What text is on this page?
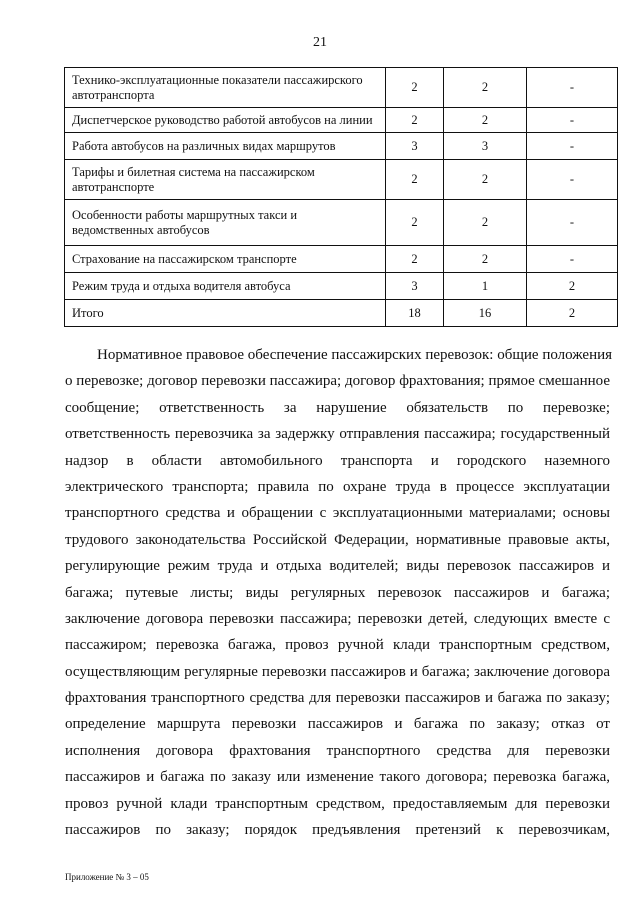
21
Технико-эксплуатационные показатели пассажирского автотранспорта	2	2	-
Диспетчерское руководство работой автобусов на линии	2	2	-
Работа автобусов на различных видах маршрутов	3	3	-
Тарифы и билетная система на пассажирском автотранспорте	2	2	-
Особенности работы маршрутных такси и ведомственных автобусов	2	2	-
Страхование на пассажирском транспорте	2	2	-
Режим труда и отдыха водителя автобуса	3	1	2
Итого	18	16	2
Нормативное правовое обеспечение пассажирских перевозок: общие положения
о перевозке; договор перевозки пассажира; договор фрахтования; прямое смешанное
сообщение; ответственность за нарушение обязательств по перевозке;
ответственность перевозчика за задержку отправления пассажира; государственный
надзор в области автомобильного транспорта и городского наземного
электрического транспорта; правила по охране труда в процессе эксплуатации
транспортного средства и обращении с эксплуатационными материалами; основы
трудового законодательства Российской Федерации, нормативные правовые акты,
регулирующие режим труда и отдыха водителей; виды перевозок пассажиров и
багажа; путевые листы; виды регулярных перевозок пассажиров и багажа;
заключение договора перевозки пассажира; перевозки детей, следующих вместе с
пассажиром; перевозка багажа, провоз ручной клади транспортным средством,
осуществляющим регулярные перевозки пассажиров и багажа; заключение договора
фрахтования транспортного средства для перевозки пассажиров и багажа по заказу;
определение маршрута перевозки пассажиров и багажа по заказу; отказ от
исполнения договора фрахтования транспортного средства для перевозки
пассажиров и багажа по заказу или изменение такого договора; перевозка багажа,
провоз ручной клади транспортным средством, предоставляемым для перевозки
пассажиров по заказу; порядок предъявления претензий к перевозчикам,
Приложение № 3 – 05
